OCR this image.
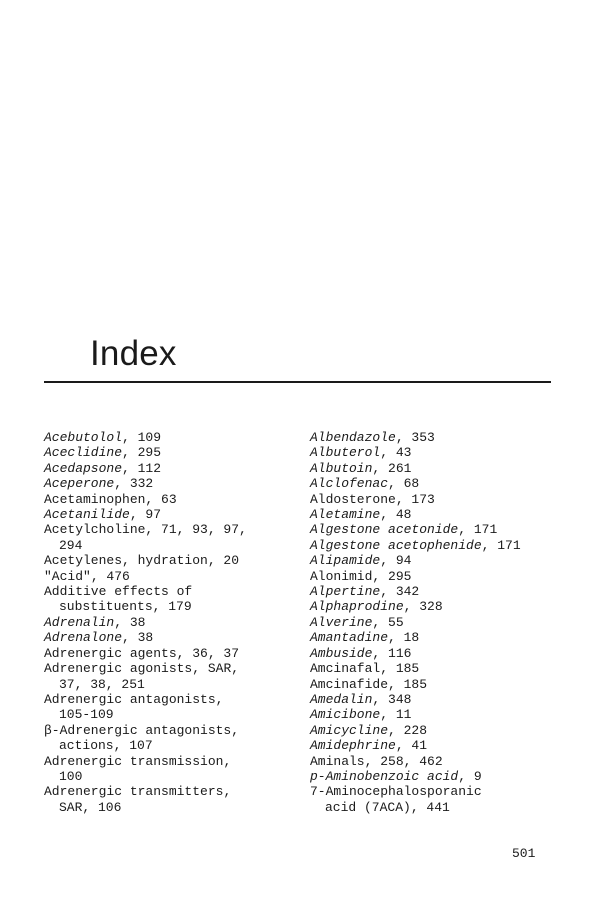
Index
Acebutolol, 109
Aceclidine, 295
Acedapsone, 112
Aceperone, 332
Acetaminophen, 63
Acetanilide, 97
Acetylcholine, 71, 93, 97,
294
Acetylenes, hydration, 20
"Acid", 476
Additive effects of
substituents, 179
Adrenalin, 38
Adrenalone, 38
Adrenergic agents, 36, 37
Adrenergic agonists, SAR,
37, 38, 251
Adrenergic antagonists,
105-109
β-Adrenergic antagonists,
actions, 107
Adrenergic transmission,
100
Adrenergic transmitters,
SAR, 106
Albendazole, 353
Albuterol, 43
Albutoin, 261
Alclofenac, 68
Aldosterone, 173
Aletamine, 48
Algestone acetonide, 171
Algestone acetophenide, 171
Alipamide, 94
Alonimid, 295
Alpertine, 342
Alphaprodine, 328
Alverine, 55
Amantadine, 18
Ambuside, 116
Amcinafal, 185
Amcinafide, 185
Amedalin, 348
Amicibone, 11
Amicycline, 228
Amidephrine, 41
Aminals, 258, 462
p-Aminobenzoic acid, 9
7-Aminocephalosporanic
acid (7ACA), 441
501
